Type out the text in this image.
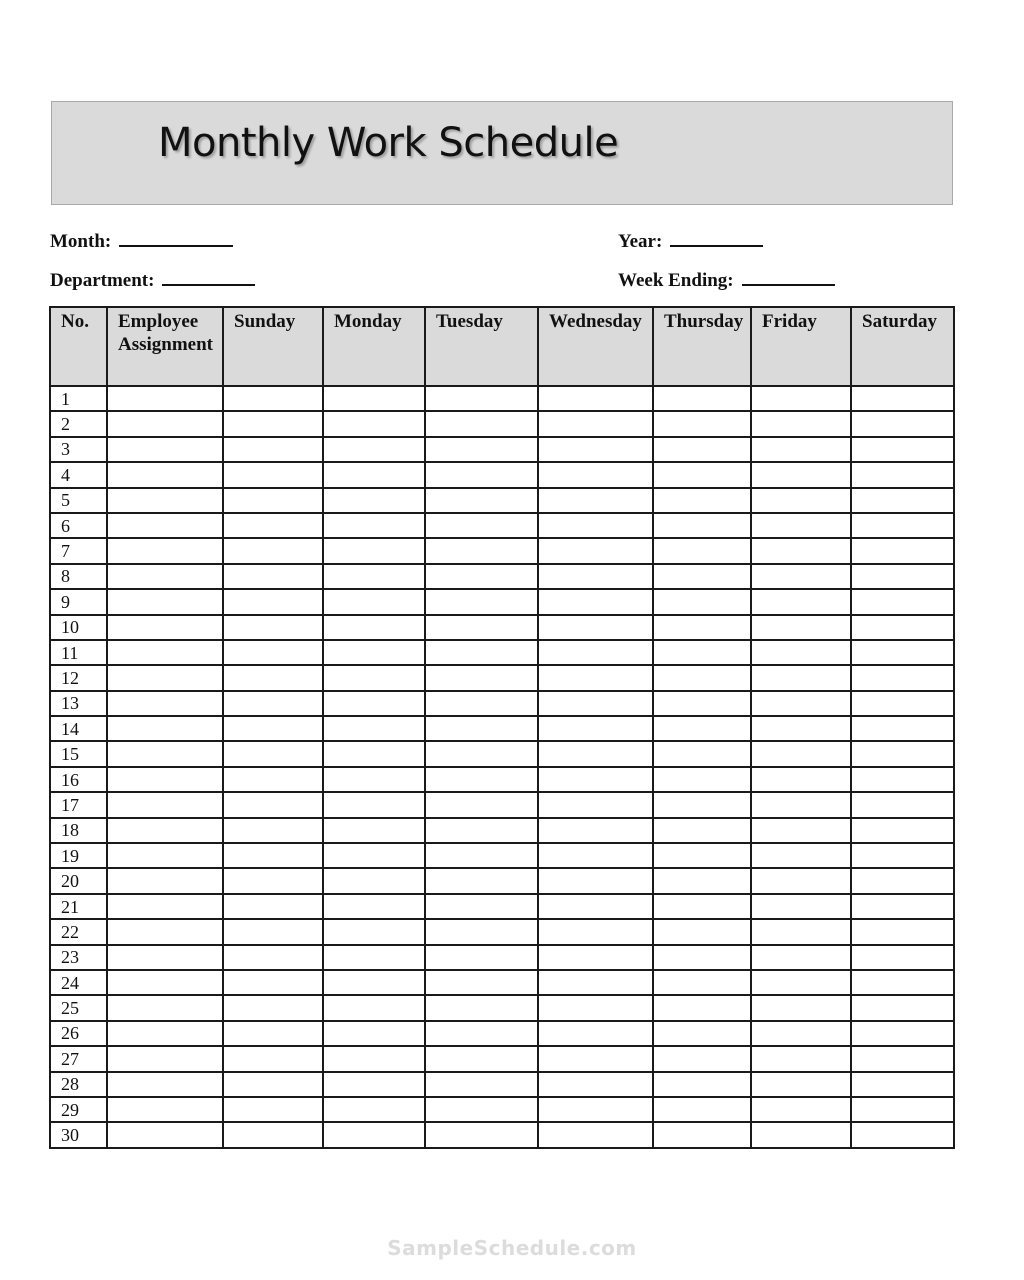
Monthly Work Schedule
Month:	Year:
Department:	Week Ending:
No.	Employee Assignment	Sunday	Monday	Tuesday	Wednesday	Thursday	Friday	Saturday
1								
2								
3								
4								
5								
6								
7								
8								
9								
10								
11								
12								
13								
14								
15								
16								
17								
18								
19								
20								
21								
22								
23								
24								
25								
26								
27								
28								
29								
30								
SampleSchedule.com
